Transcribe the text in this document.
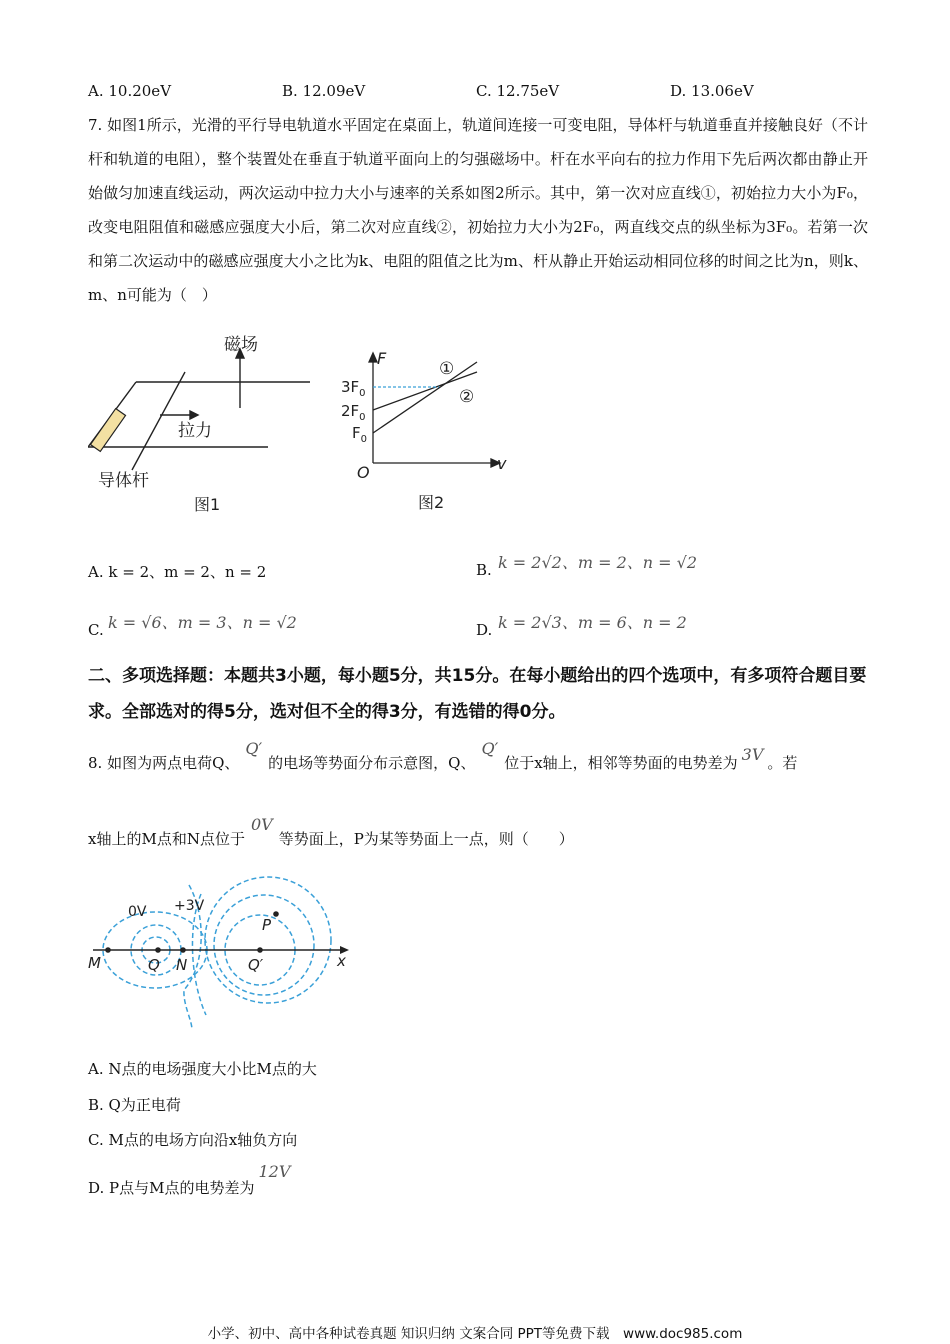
A. 10.20eV	B. 12.09eV	C. 12.75eV	D. 13.06eV
7. 如图1所示，光滑的平行导电轨道水平固定在桌面上，轨道间连接一可变电阻，导体杆与轨道垂直并接触良好（不计杆和轨道的电阻），整个装置处在垂直于轨道平面向上的匀强磁场中。杆在水平向右的拉力作用下先后两次都由静止开始做匀加速直线运动，两次运动中拉力大小与速率的关系如图2所示。其中，第一次对应直线①，初始拉力大小为F₀，改变电阻阻值和磁感应强度大小后，第二次对应直线②，初始拉力大小为2F₀，两直线交点的纵坐标为3F₀。若第一次和第二次运动中的磁感应强度大小之比为k、电阻的阻值之比为m、杆从静止开始运动相同位移的时间之比为n，则k、m、n可能为（　）
磁场
拉力
导体杆
图1
F
v
O
$3F_0$
$2F_0$
$F_0$
①
②
图2
A. k = 2、m = 2、n = 2	B. k = 2√2、m = 2、n = √2
C. k = √6、m = 3、n = √2	D. k = 2√3、m = 6、n = 2
二、多项选择题：本题共3小题，每小题5分，共15分。在每小题给出的四个选项中，有多项符合题目要求。全部选对的得5分，选对但不全的得3分，有选错的得0分。
8. 如图为两点电荷Q、Q′的电场等势面分布示意图，Q、Q′位于x轴上，相邻等势面的电势差为 3V 。若
x轴上的M点和N点位于0V等势面上，P为某等势面上一点，则（　　）
0V +3V
P
M	Q N	Q′	x
A. N点的电场强度大小比M点的大
B. Q为正电荷
C. M点的电场方向沿x轴负方向
D. P点与M点的电势差为12V
小学、初中、高中各种试卷真题 知识归纳 文案合同 PPT等免费下载　www.doc985.com
